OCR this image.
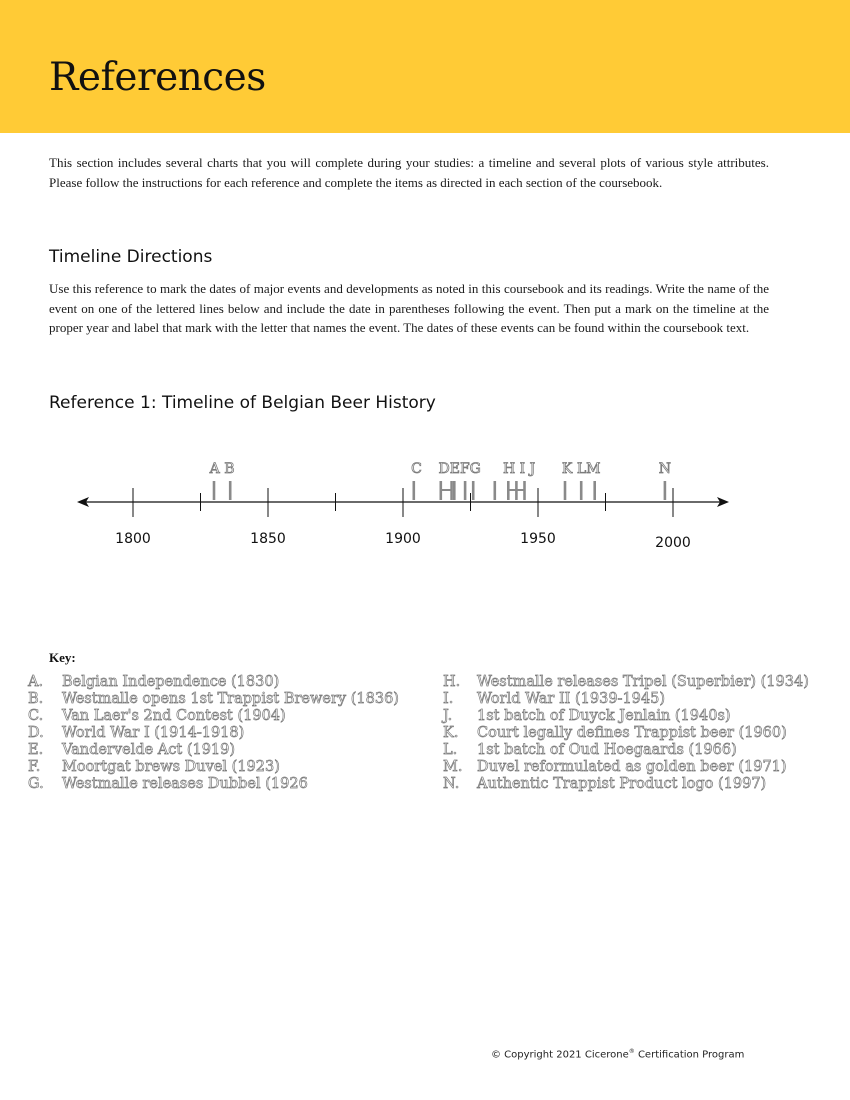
References

This section includes several charts that you will complete during your studies: a timeline and several plots of various style attributes. Please follow the instructions for each reference and complete the items as directed in each section of the coursebook.

Timeline Directions

Use this reference to mark the dates of major events and developments as noted in this coursebook and its readings. Write the name of the event on one of the lettered lines below and include the date in parentheses following the event. Then put a mark on the timeline at the proper year and label that mark with the letter that names the event. The dates of these events can be found within the coursebook text.

Reference 1: Timeline of Belgian Beer History
1800	1850	1900	1950	2000
A B	C DEFG H I J K LM	N

Key:

A. Belgian Independence (1830)
B. Westmalle opens 1st Trappist Brewery (1836)
C. Van Laer's 2nd Contest (1904)
D. World War I (1914-1918)
E. Vandervelde Act (1919)
F. Moortgat brews Duvel (1923)
G. Westmalle releases Dubbel (1926
H. Westmalle releases Tripel (Superbier) (1934)
I. World War II (1939-1945)
J. 1st batch of Duyck Jenlain (1940s)
K. Court legally defines Trappist beer (1960)
L. 1st batch of Oud Hoegaards (1966)
M. Duvel reformulated as golden beer (1971)
N. Authentic Trappist Product logo (1997)

© Copyright 2021 Cicerone® Certification Program
